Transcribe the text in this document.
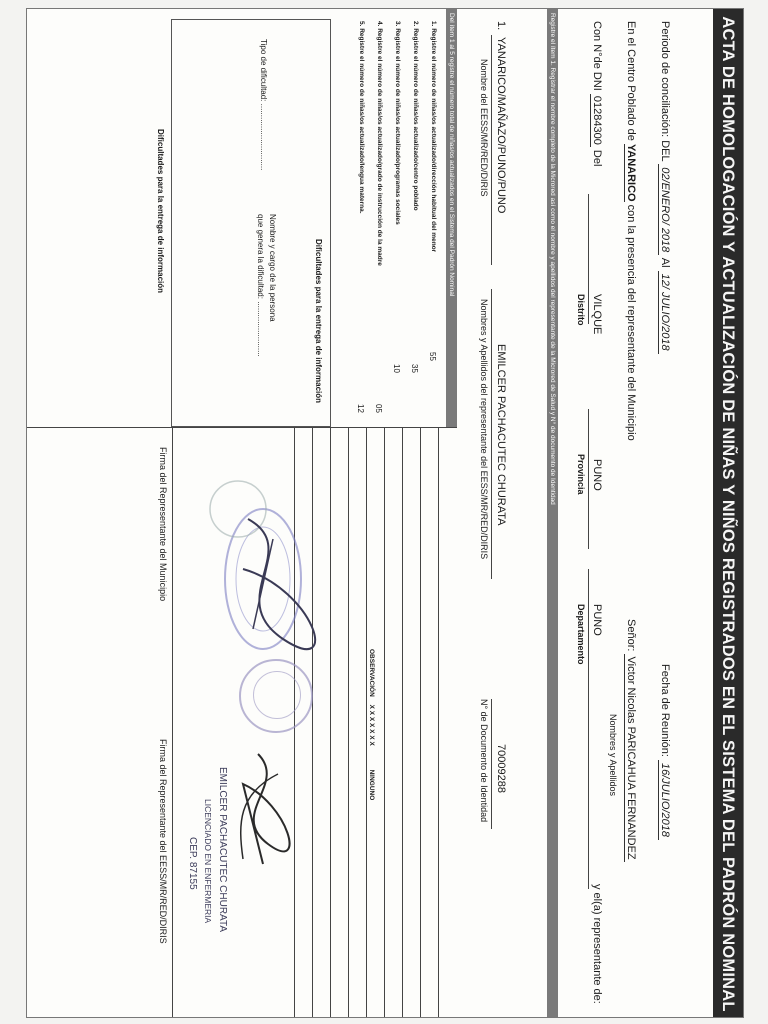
ACTA DE HOMOLOGACIÓN Y ACTUALIZACIÓN DE NIÑAS Y NIÑOS REGISTRADOS EN EL SISTEMA DEL PADRÓN NOMINAL
Periodo de conciliación: DEL 02/ENERO/ 2018 Al 12/ JULIO/2018
Fecha de Reunión: 16/JULIO/2018
En el Centro Poblado de YANARICO con la presencia del representante del Municipio
Señor: Victor Nicolas PARICAHUA FERNANDEZ
Nombres y Apellidos
Con N°de DNI 01284300 Del
VILQUE
Distrito
PUNO
Provincia
PUNO
Departamento
y el(a) representante de:
Registre el ítem 1. Registrar el nombre completo de la Microred así como el nombre y apellidos del representante de la Microred de Salud y N° de documento de Identidad
1.
YANARICO/MAÑAZO/PUNO/PUNO
Nombre del EESS/MR/RED/DIRIS
EMILCER PACHACUTEC CHURATA
Nombres y Apellidos del representante del EESS/MR/RED/DIRIS
70009288
N° de Documento de Identidad
Del ítem 1 al 5 registre el número total de niñas/os actualizados en el Sistema del Padrón Nominal
1. Registre el número de niñas/os actualizado/dirección habitual del menor
55
2. Registre el número de niñas/os actualizado/centro poblado
35
3. Registre el número de niñas/os actualizado/programas sociales
10
4. Registre el número de niñas/os actualizado/grado de instrucción de la madre
05
5. Registre el número de niñas/os actualizado/lengua materna.
12
OBSERVACIÓN X X X X X X X NINGUNO
Dificultades para la entrega de información
Tipo de dificultad: ..............................
Nombre y cargo de la persona
que genera la dificultad: .........................
Dificultades para la entrega de información
EMILCER PACHACUTEC CHURATA
LICENCIADO EN ENFERMERIA
CEP. 87155
Firma del Representante del Municipio
Firma del Representante del EESS/MR/RED/DIRIS
